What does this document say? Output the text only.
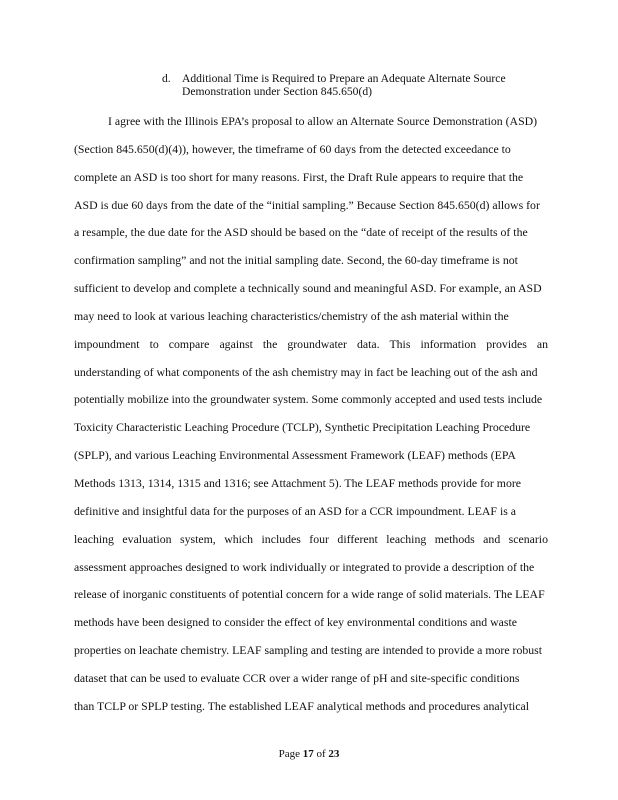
d. Additional Time is Required to Prepare an Adequate Alternate Source
Demonstration under Section 845.650(d)
I agree with the Illinois EPA’s proposal to allow an Alternate Source Demonstration (ASD)
(Section 845.650(d)(4)), however, the timeframe of 60 days from the detected exceedance to
complete an ASD is too short for many reasons. First, the Draft Rule appears to require that the
ASD is due 60 days from the date of the “initial sampling.” Because Section 845.650(d) allows for
a resample, the due date for the ASD should be based on the “date of receipt of the results of the
confirmation sampling” and not the initial sampling date. Second, the 60-day timeframe is not
sufficient to develop and complete a technically sound and meaningful ASD. For example, an ASD
may need to look at various leaching characteristics/chemistry of the ash material within the
impoundment to compare against the groundwater data. This information provides an
understanding of what components of the ash chemistry may in fact be leaching out of the ash and
potentially mobilize into the groundwater system. Some commonly accepted and used tests include
Toxicity Characteristic Leaching Procedure (TCLP), Synthetic Precipitation Leaching Procedure
(SPLP), and various Leaching Environmental Assessment Framework (LEAF) methods (EPA
Methods 1313, 1314, 1315 and 1316; see Attachment 5). The LEAF methods provide for more
definitive and insightful data for the purposes of an ASD for a CCR impoundment. LEAF is a
leaching evaluation system, which includes four different leaching methods and scenario
assessment approaches designed to work individually or integrated to provide a description of the
release of inorganic constituents of potential concern for a wide range of solid materials. The LEAF
methods have been designed to consider the effect of key environmental conditions and waste
properties on leachate chemistry. LEAF sampling and testing are intended to provide a more robust
dataset that can be used to evaluate CCR over a wider range of pH and site-specific conditions
than TCLP or SPLP testing. The established LEAF analytical methods and procedures analytical
Page 17 of 23
